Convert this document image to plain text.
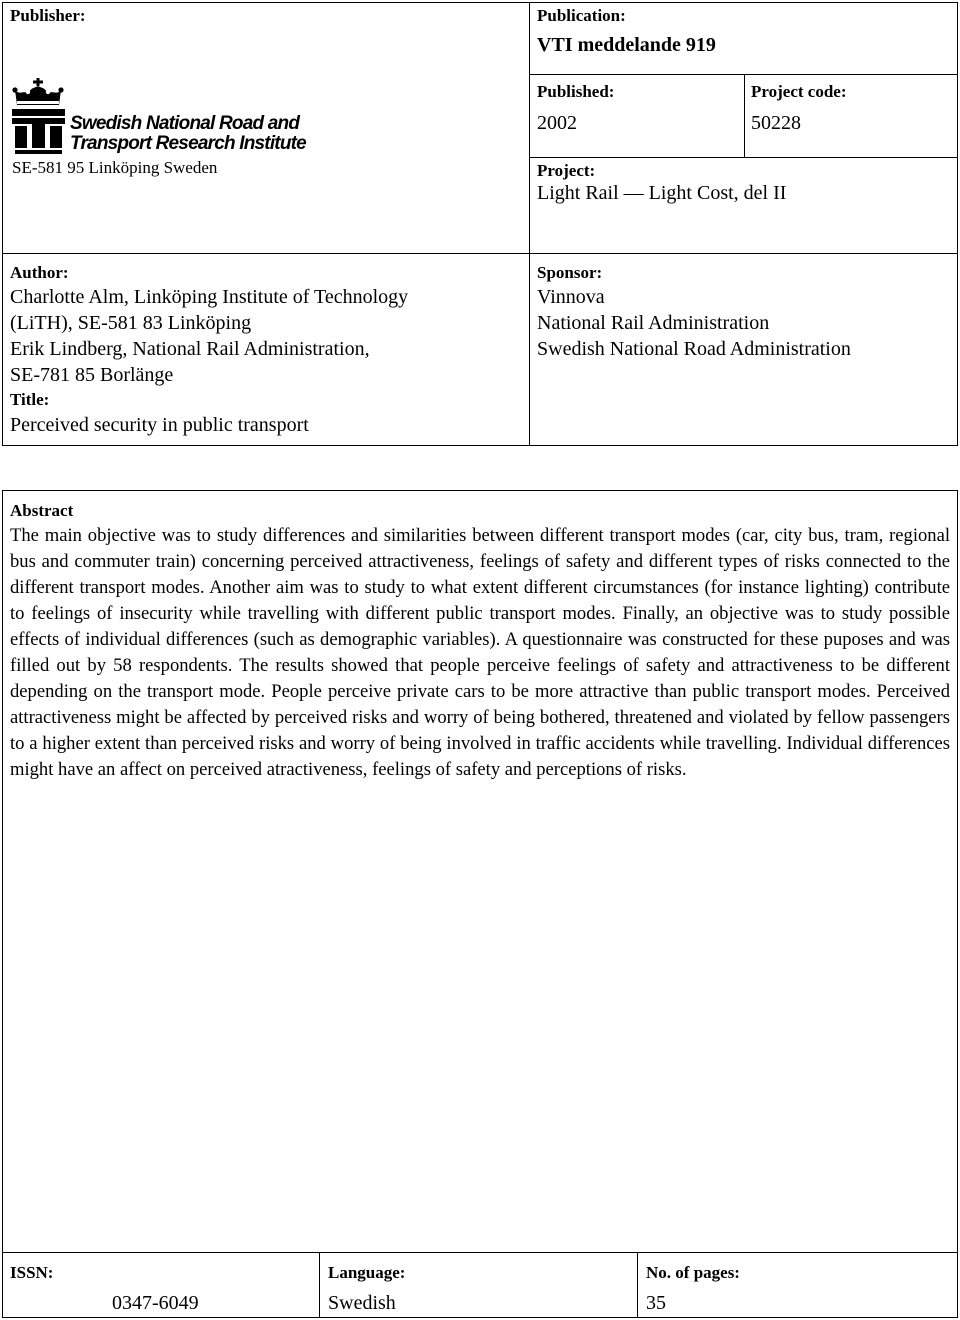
Publisher:
Swedish National Road and
Transport Research Institute
SE-581 95 Linköping Sweden
Publication:
VTI meddelande 919
Published:
2002
Project code:
50228
Project:
Light Rail — Light Cost, del II
Author:
Charlotte Alm, Linköping Institute of Technology
(LiTH), SE-581 83 Linköping
Erik Lindberg, National Rail Administration,
SE-781 85 Borlänge
Title:
Perceived security in public transport
Sponsor:
Vinnova
National Rail Administration
Swedish National Road Administration
Abstract
The main objective was to study differences and similarities between different transport modes (car, city bus, tram, regional bus and commuter train) concerning perceived attractiveness, feelings of safety and different types of risks connected to the different transport modes. Another aim was to study to what extent different circumstances (for instance lighting) contribute to feelings of insecurity while travelling with different public transport modes. Finally, an objective was to study possible effects of individual differences (such as demographic variables). A questionnaire was constructed for these puposes and was filled out by 58 respondents. The results showed that people perceive feelings of safety and attractiveness to be different depending on the transport mode. People perceive private cars to be more attractive than public transport modes. Perceived attractiveness might be affected by perceived risks and worry of being bothered, threatened and violated by fellow passengers to a higher extent than perceived risks and worry of being involved in traffic accidents while travelling. Individual differences might have an affect on perceived atractiveness, feelings of safety and perceptions of risks.
ISSN:
0347-6049
Language:
Swedish
No. of pages:
35
